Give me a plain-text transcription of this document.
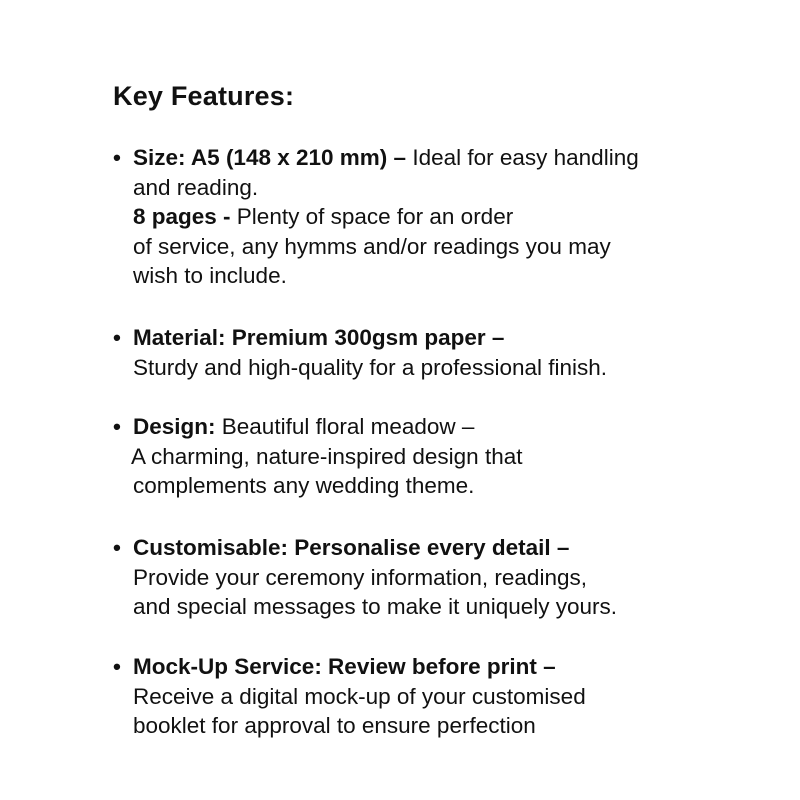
Key Features:
• Size: A5 (148 x 210 mm) – Ideal for easy handling
and reading.
8 pages - Plenty of space for an order
of service, any hymms and/or readings you may
wish to include.
• Material: Premium 300gsm paper –
Sturdy and high-quality for a professional finish.
• Design: Beautiful floral meadow –
A charming, nature-inspired design that
complements any wedding theme.
• Customisable: Personalise every detail –
Provide your ceremony information, readings,
and special messages to make it uniquely yours.
• Mock-Up Service: Review before print –
Receive a digital mock-up of your customised
booklet for approval to ensure perfection
